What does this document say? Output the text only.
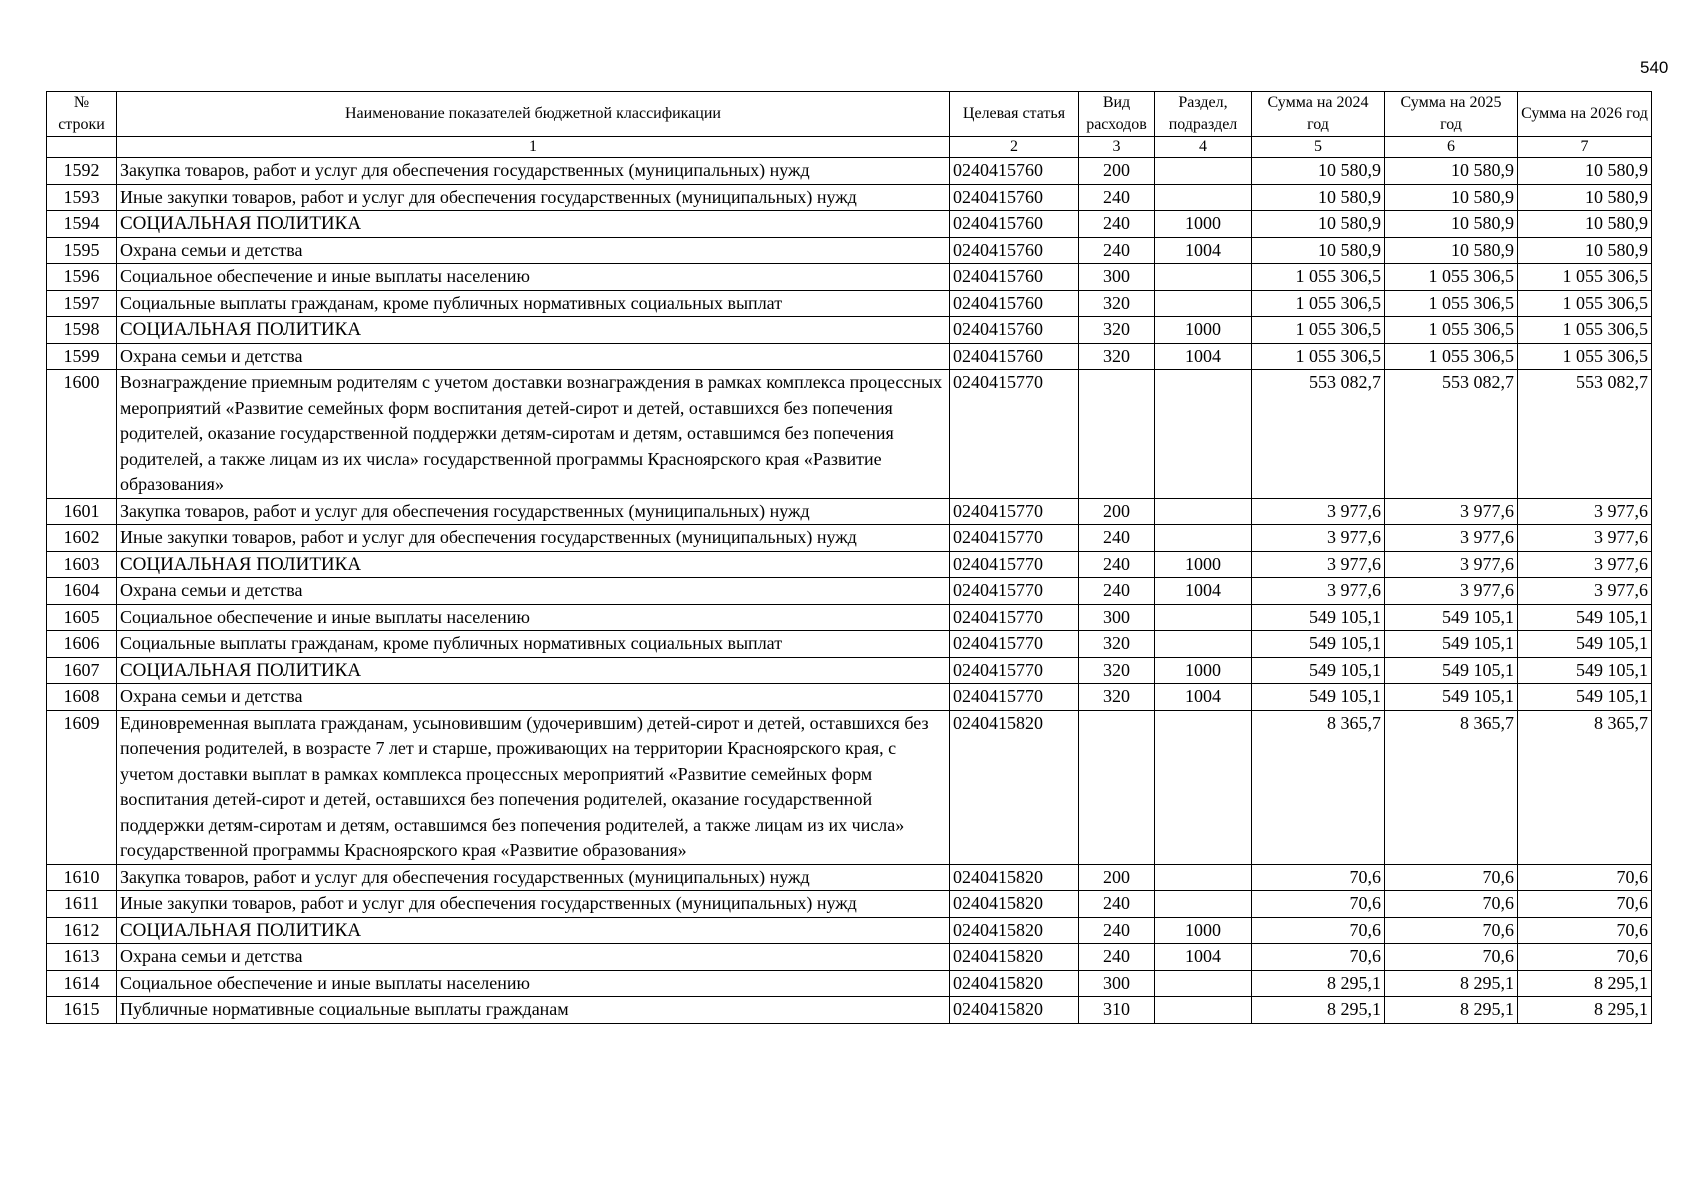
540
№ строки	Наименование показателей бюджетной классификации	Целевая статья	Вид расходов	Раздел, подраздел	Сумма на 2024 год	Сумма на 2025 год	Сумма на 2026 год
	1	2	3	4	5	6	7
1592	Закупка товаров, работ и услуг для обеспечения государственных (муниципальных) нужд	0240415760	200		10 580,9	10 580,9	10 580,9
1593	Иные закупки товаров, работ и услуг для обеспечения государственных (муниципальных) нужд	0240415760	240		10 580,9	10 580,9	10 580,9
1594	СОЦИАЛЬНАЯ ПОЛИТИКА	0240415760	240	1000	10 580,9	10 580,9	10 580,9
1595	Охрана семьи и детства	0240415760	240	1004	10 580,9	10 580,9	10 580,9
1596	Социальное обеспечение и иные выплаты населению	0240415760	300		1 055 306,5	1 055 306,5	1 055 306,5
1597	Социальные выплаты гражданам, кроме публичных нормативных социальных выплат	0240415760	320		1 055 306,5	1 055 306,5	1 055 306,5
1598	СОЦИАЛЬНАЯ ПОЛИТИКА	0240415760	320	1000	1 055 306,5	1 055 306,5	1 055 306,5
1599	Охрана семьи и детства	0240415760	320	1004	1 055 306,5	1 055 306,5	1 055 306,5
1600	Вознаграждение приемным родителям с учетом доставки вознаграждения в рамках комплекса процессных мероприятий «Развитие семейных форм воспитания детей-сирот и детей, оставшихся без попечения родителей, оказание государственной поддержки детям-сиротам и детям, оставшимся без попечения родителей, а также лицам из их числа» государственной программы Красноярского края «Развитие образования»	0240415770			553 082,7	553 082,7	553 082,7
1601	Закупка товаров, работ и услуг для обеспечения государственных (муниципальных) нужд	0240415770	200		3 977,6	3 977,6	3 977,6
1602	Иные закупки товаров, работ и услуг для обеспечения государственных (муниципальных) нужд	0240415770	240		3 977,6	3 977,6	3 977,6
1603	СОЦИАЛЬНАЯ ПОЛИТИКА	0240415770	240	1000	3 977,6	3 977,6	3 977,6
1604	Охрана семьи и детства	0240415770	240	1004	3 977,6	3 977,6	3 977,6
1605	Социальное обеспечение и иные выплаты населению	0240415770	300		549 105,1	549 105,1	549 105,1
1606	Социальные выплаты гражданам, кроме публичных нормативных социальных выплат	0240415770	320		549 105,1	549 105,1	549 105,1
1607	СОЦИАЛЬНАЯ ПОЛИТИКА	0240415770	320	1000	549 105,1	549 105,1	549 105,1
1608	Охрана семьи и детства	0240415770	320	1004	549 105,1	549 105,1	549 105,1
1609	Единовременная выплата гражданам, усыновившим (удочерившим) детей-сирот и детей, оставшихся без попечения родителей, в возрасте 7 лет и старше, проживающих на территории Красноярского края, с учетом доставки выплат в рамках комплекса процессных мероприятий «Развитие семейных форм воспитания детей-сирот и детей, оставшихся без попечения родителей, оказание государственной поддержки детям-сиротам и детям, оставшимся без попечения родителей, а также лицам из их числа» государственной программы Красноярского края «Развитие образования»	0240415820			8 365,7	8 365,7	8 365,7
1610	Закупка товаров, работ и услуг для обеспечения государственных (муниципальных) нужд	0240415820	200		70,6	70,6	70,6
1611	Иные закупки товаров, работ и услуг для обеспечения государственных (муниципальных) нужд	0240415820	240		70,6	70,6	70,6
1612	СОЦИАЛЬНАЯ ПОЛИТИКА	0240415820	240	1000	70,6	70,6	70,6
1613	Охрана семьи и детства	0240415820	240	1004	70,6	70,6	70,6
1614	Социальное обеспечение и иные выплаты населению	0240415820	300		8 295,1	8 295,1	8 295,1
1615	Публичные нормативные социальные выплаты гражданам	0240415820	310		8 295,1	8 295,1	8 295,1
